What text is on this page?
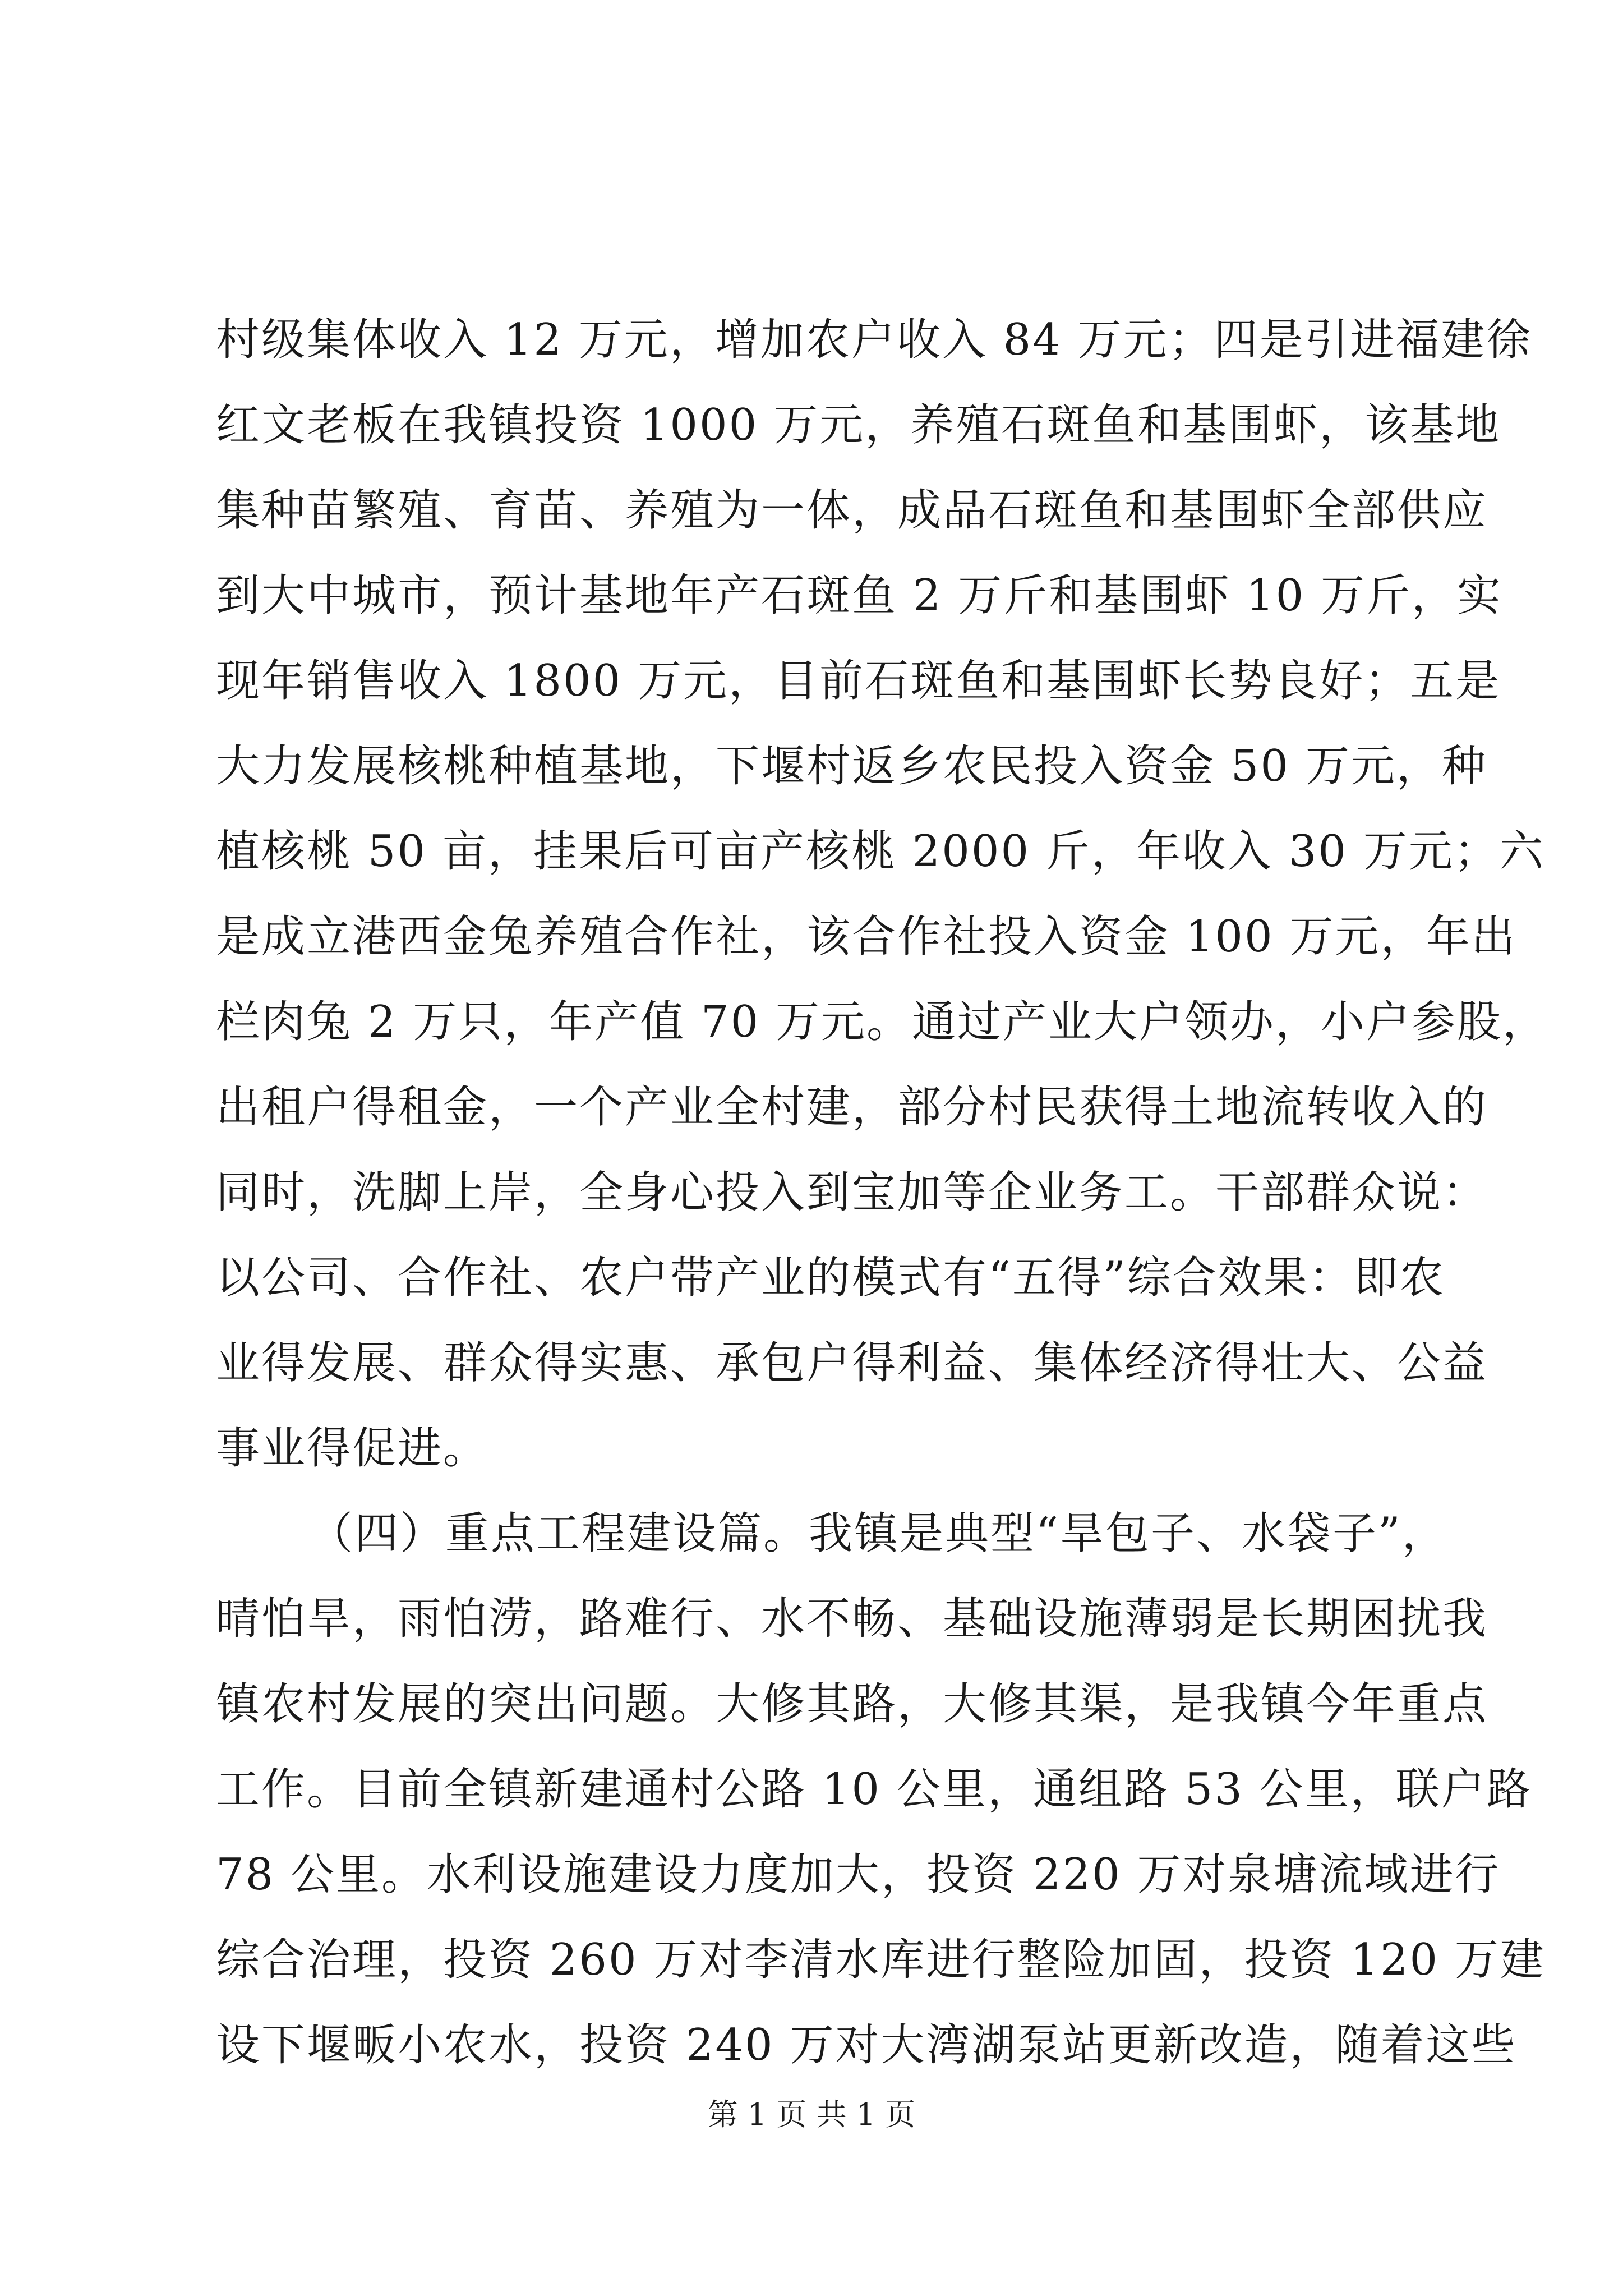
村级集体收入 12 万元，增加农户收入 84 万元；四是引进福建徐
红文老板在我镇投资 1000 万元，养殖石斑鱼和基围虾，该基地
集种苗繁殖、育苗、养殖为一体，成品石斑鱼和基围虾全部供应
到大中城市，预计基地年产石斑鱼 2 万斤和基围虾 10 万斤，实
现年销售收入 1800 万元，目前石斑鱼和基围虾长势良好；五是
大力发展核桃种植基地，下堰村返乡农民投入资金 50 万元，种
植核桃 50 亩，挂果后可亩产核桃 2000 斤，年收入 30 万元；六
是成立港西金兔养殖合作社，该合作社投入资金 100 万元，年出
栏肉兔 2 万只，年产值 70 万元。通过产业大户领办，小户参股，
出租户得租金，一个产业全村建，部分村民获得土地流转收入的
同时，洗脚上岸，全身心投入到宝加等企业务工。干部群众说：
以公司、合作社、农户带产业的模式有“五得”综合效果：即农
业得发展、群众得实惠、承包户得利益、集体经济得壮大、公益
事业得促进。
（四）重点工程建设篇。我镇是典型“旱包子、水袋子”，
晴怕旱，雨怕涝，路难行、水不畅、基础设施薄弱是长期困扰我
镇农村发展的突出问题。大修其路，大修其渠，是我镇今年重点
工作。目前全镇新建通村公路 10 公里，通组路 53 公里，联户路
78 公里。水利设施建设力度加大，投资 220 万对泉塘流域进行
综合治理，投资 260 万对李清水库进行整险加固，投资 120 万建
设下堰畈小农水，投资 240 万对大湾湖泵站更新改造，随着这些
第 1 页 共 1 页
